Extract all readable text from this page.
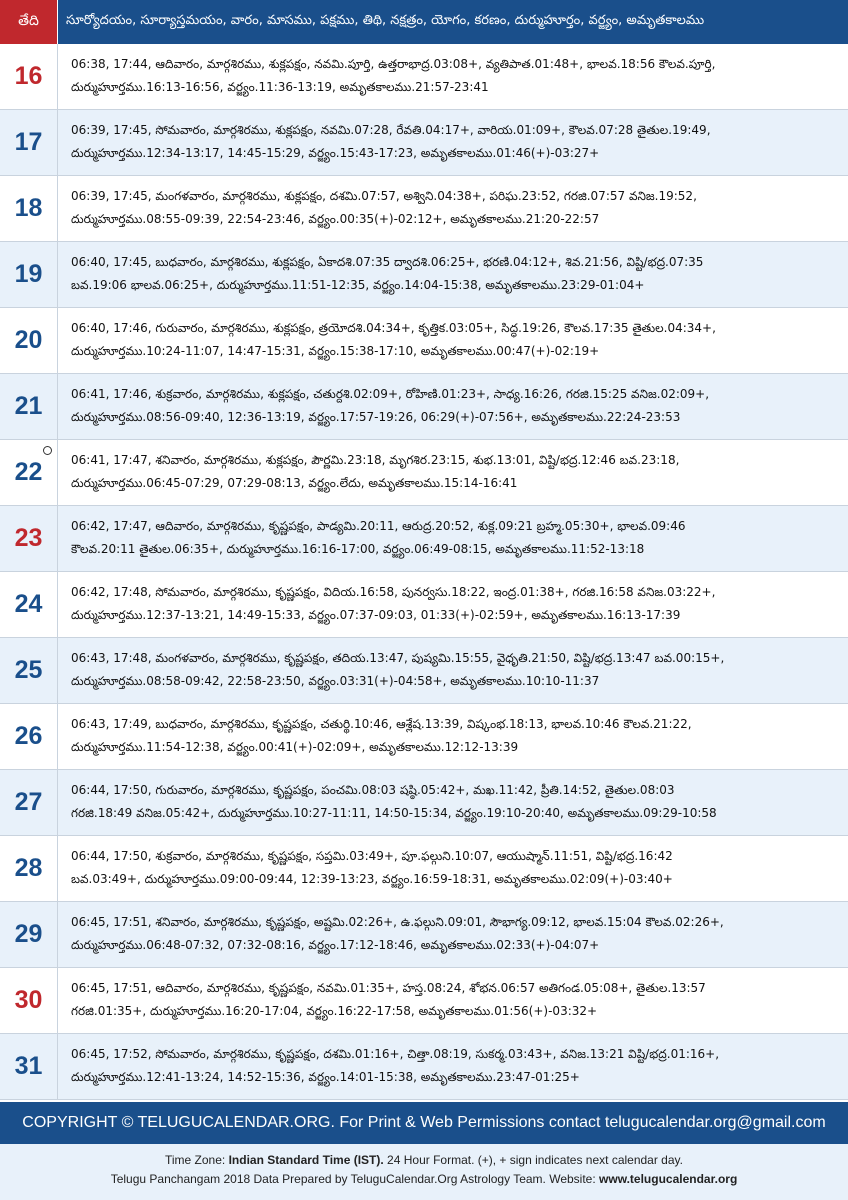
తేది	సూర్యోదయం, సూర్యాస్తమయం, వారం, మాసము, పక్షము, తిథి, నక్షత్రం, యోగం, కరణం, దుర్ముహూర్తం, వర్జ్యం, అమృతకాలము
16	06:38, 17:44, ఆదివారం, మార్గశిరము, శుక్లపక్షం, నవమి.పూర్తి, ఉత్తరాభాద్ర.03:08+, వ్యతిపాత.01:48+, భాలవ.18:56 కౌలవ.పూర్తి,
దుర్ముహూర్తము.16:13-16:56, వర్జ్యం.11:36-13:19, అమృతకాలము.21:57-23:41
17	06:39, 17:45, సోమవారం, మార్గశిరము, శుక్లపక్షం, నవమి.07:28, రేవతి.04:17+, వారియ.01:09+, కౌలవ.07:28 తైతుల.19:49,
దుర్ముహూర్తము.12:34-13:17, 14:45-15:29, వర్జ్యం.15:43-17:23, అమృతకాలము.01:46(+)-03:27+
18	06:39, 17:45, మంగళవారం, మార్గశిరము, శుక్లపక్షం, దశమి.07:57, అశ్విని.04:38+, పరిఘ.23:52, గరజి.07:57 వనిజ.19:52,
దుర్ముహూర్తము.08:55-09:39, 22:54-23:46, వర్జ్యం.00:35(+)-02:12+, అమృతకాలము.21:20-22:57
19	06:40, 17:45, బుధవారం, మార్గశిరము, శుక్లపక్షం, ఏకాదశి.07:35 ద్వాదశి.06:25+, భరణి.04:12+, శివ.21:56, విష్టి/భద్ర.07:35
బవ.19:06 భాలవ.06:25+, దుర్ముహూర్తము.11:51-12:35, వర్జ్యం.14:04-15:38, అమృతకాలము.23:29-01:04+
20	06:40, 17:46, గురువారం, మార్గశిరము, శుక్లపక్షం, త్రయోదశి.04:34+, కృత్తిక.03:05+, సిద్ధ.19:26, కౌలవ.17:35 తైతుల.04:34+,
దుర్ముహూర్తము.10:24-11:07, 14:47-15:31, వర్జ్యం.15:38-17:10, అమృతకాలము.00:47(+)-02:19+
21	06:41, 17:46, శుక్రవారం, మార్గశిరము, శుక్లపక్షం, చతుర్దశి.02:09+, రోహిణి.01:23+, సాధ్య.16:26, గరజి.15:25 వనిజ.02:09+,
దుర్ముహూర్తము.08:56-09:40, 12:36-13:19, వర్జ్యం.17:57-19:26, 06:29(+)-07:56+, అమృతకాలము.22:24-23:53
22 06:41, 17:47, శనివారం, మార్గశిరము, శుక్లపక్షం, పౌర్ణమి.23:18, మృగశిర.23:15, శుభ.13:01, విష్టి/భద్ర.12:46 బవ.23:18,
దుర్ముహూర్తము.06:45-07:29, 07:29-08:13, వర్జ్యం.లేదు, అమృతకాలము.15:14-16:41
23	06:42, 17:47, ఆదివారం, మార్గశిరము, కృష్ణపక్షం, పాడ్యమి.20:11, ఆరుద్ర.20:52, శుక్ల.09:21 బ్రహ్మ.05:30+, భాలవ.09:46
కౌలవ.20:11 తైతుల.06:35+, దుర్ముహూర్తము.16:16-17:00, వర్జ్యం.06:49-08:15, అమృతకాలము.11:52-13:18
24	06:42, 17:48, సోమవారం, మార్గశిరము, కృష్ణపక్షం, విదియ.16:58, పునర్వసు.18:22, ఇంద్ర.01:38+, గరజి.16:58 వనిజ.03:22+,
దుర్ముహూర్తము.12:37-13:21, 14:49-15:33, వర్జ్యం.07:37-09:03, 01:33(+)-02:59+, అమృతకాలము.16:13-17:39
25	06:43, 17:48, మంగళవారం, మార్గశిరము, కృష్ణపక్షం, తదియ.13:47, పుష్యమి.15:55, వైధృతి.21:50, విష్టి/భద్ర.13:47 బవ.00:15+,
దుర్ముహూర్తము.08:58-09:42, 22:58-23:50, వర్జ్యం.03:31(+)-04:58+, అమృతకాలము.10:10-11:37
26	06:43, 17:49, బుధవారం, మార్గశిరము, కృష్ణపక్షం, చతుర్థి.10:46, ఆశ్లేష.13:39, విష్కంభ.18:13, భాలవ.10:46 కౌలవ.21:22,
దుర్ముహూర్తము.11:54-12:38, వర్జ్యం.00:41(+)-02:09+, అమృతకాలము.12:12-13:39
27	06:44, 17:50, గురువారం, మార్గశిరము, కృష్ణపక్షం, పంచమి.08:03 షష్ఠి.05:42+, మఖ.11:42, ప్రీతి.14:52, తైతుల.08:03
గరజి.18:49 వనిజ.05:42+, దుర్ముహూర్తము.10:27-11:11, 14:50-15:34, వర్జ్యం.19:10-20:40, అమృతకాలము.09:29-10:58
28	06:44, 17:50, శుక్రవారం, మార్గశిరము, కృష్ణపక్షం, సప్తమి.03:49+, పూ.ఫల్గుని.10:07, ఆయుష్మాన్.11:51, విష్టి/భద్ర.16:42
బవ.03:49+, దుర్ముహూర్తము.09:00-09:44, 12:39-13:23, వర్జ్యం.16:59-18:31, అమృతకాలము.02:09(+)-03:40+
29	06:45, 17:51, శనివారం, మార్గశిరము, కృష్ణపక్షం, అష్టమి.02:26+, ఉ.ఫల్గుని.09:01, సౌభాగ్య.09:12, భాలవ.15:04 కౌలవ.02:26+,
దుర్ముహూర్తము.06:48-07:32, 07:32-08:16, వర్జ్యం.17:12-18:46, అమృతకాలము.02:33(+)-04:07+
30	06:45, 17:51, ఆదివారం, మార్గశిరము, కృష్ణపక్షం, నవమి.01:35+, హస్త.08:24, శోభన.06:57 అతిగండ.05:08+, తైతుల.13:57
గరజి.01:35+, దుర్ముహూర్తము.16:20-17:04, వర్జ్యం.16:22-17:58, అమృతకాలము.01:56(+)-03:32+
31	06:45, 17:52, సోమవారం, మార్గశిరము, కృష్ణపక్షం, దశమి.01:16+, చిత్తా.08:19, సుకర్మ.03:43+, వనిజ.13:21 విష్టి/భద్ర.01:16+,
దుర్ముహూర్తము.12:41-13:24, 14:52-15:36, వర్జ్యం.14:01-15:38, అమృతకాలము.23:47-01:25+
COPYRIGHT © TELUGUCALENDAR.ORG. For Print & Web Permissions contact telugucalendar.org@gmail.com
Time Zone: Indian Standard Time (IST). 24 Hour Format. (+), + sign indicates next calendar day.
Telugu Panchangam 2018 Data Prepared by TeluguCalendar.Org Astrology Team. Website: www.telugucalendar.org
